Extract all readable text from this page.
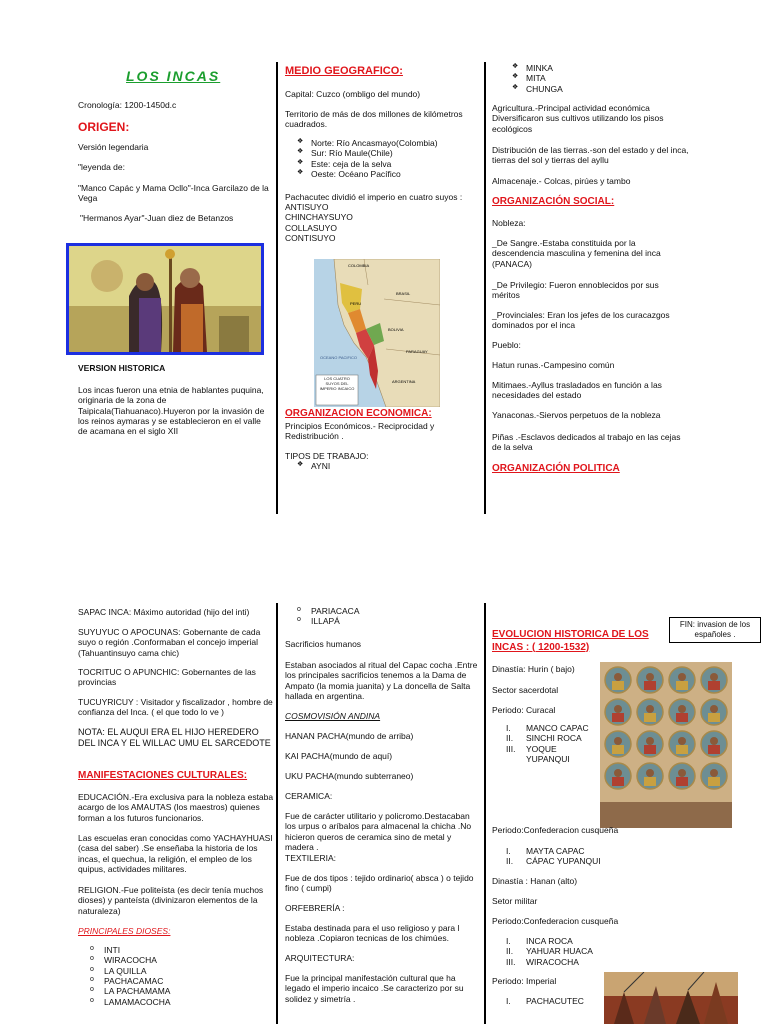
LOS INCAS

Cronología: 1200-1450d.c

ORIGEN:

Versión legendaria

"leyenda de:

"Manco Capác y Mama Ocllo"-Inca Garcilazo de la Vega

"Hermanos Ayar"-Juan diez de Betanzos

VERSION HISTORICA

Los incas fueron una etnia de hablantes puquina, originaria de la zona de Taipicala(Tiahuanaco).Huyeron por la invasión de los reinos aymaras y se establecieron en el valle de acamana en el siglo XII

MEDIO GEOGRAFICO:

Capital: Cuzco (ombligo del mundo)

Territorio de más de dos millones de kilómetros cuadrados.

❖ Norte: Río Ancasmayo(Colombia)
❖ Sur: Río Maule(Chile)
❖ Este: ceja de la selva
❖ Oeste: Océano Pacífico

Pachacutec dividió el imperio en cuatro suyos :

ANTISUYO

CHINCHAYSUYO

COLLASUYO

CONTISUYO

COLOMBIA
BRASIL
PERU
BOLIVIA
PARAGUAY
OCEANO PACIFICO
ARGENTINA
LOS CUATRO SUYOS DEL IMPERIO INCAICO

ORGANIZACION ECONOMICA:

Principios Económicos.- Reciprocidad y Redistribución .

TIPOS DE TRABAJO:

❖ AYNI
❖ MINKA
❖ MITA
❖ CHUNGA

Agricultura.-Principal actividad económica Diversificaron sus cultivos utilizando los pisos ecológicos

Distribución de las tierras.-son del estado y del inca, tierras del sol y tierras del ayllu

Almacenaje.- Colcas, pirúes y tambo

ORGANIZACIÓN SOCIAL:

Nobleza:

_De Sangre.-Estaba constituida por la descendencia masculina y femenina del inca (PANACA)

_De Privilegio: Fueron ennoblecidos por sus méritos

_Provinciales: Eran los jefes de los curacazgos dominados por el inca

Pueblo:

Hatun runas.-Campesino común

Mitimaes.-Ayllus trasladados en función a las necesidades del estado

Yanaconas.-Siervos perpetuos de la nobleza

Piñas .-Esclavos dedicados al trabajo en las cejas de la selva

ORGANIZACIÓN POLITICA

SAPAC INCA: Máximo autoridad (hijo del inti)

SUYUYUC O APOCUNAS: Gobernante de cada suyo o región .Conformaban el concejo imperial (Tahuantinsuyo cama chic)

TOCRITUC O APUNCHIC: Gobernantes de las provincias

TUCUYRICUY : Visitador y fiscalizador , hombre de confianza del Inca. ( el que todo lo ve )

NOTA: EL AUQUI ERA EL HIJO HEREDERO DEL INCA Y EL WILLAC UMU EL SARCEDOTE

MANIFESTACIONES CULTURALES:

EDUCACIÓN.-Era exclusiva para la nobleza estaba acargo de los AMAUTAS (los maestros) quienes forman a los futuros funcionarios.

Las escuelas eran conocidas como YACHAYHUASI (casa del saber) .Se enseñaba la historia de los incas, el quechua, la religión, el empleo de los quipus, actividades militares.

RELIGION.-Fue politeísta (es decir tenía muchos dioses) y panteísta (divinizaron elementos de la naturaleza)

PRINCIPALES DIOSES:

o INTI
o WIRACOCHA
o LA QUILLA
o PACHACAMAC
o LA PACHAMAMA
o LAMAMACOCHA
o PARIACACA
o ILLAPÁ

Sacrificios humanos

Estaban asociados al ritual del Capac cocha .Entre los principales sacrificios tenemos a la Dama de Ampato (la momia juanita) y La doncella de Salta hallada en argentina.

COSMOVISIÓN ANDINA

HANAN PACHA(mundo de arriba)

KAI PACHA(mundo de aquí)

UKU PACHA(mundo subterraneo)

CERAMICA:

Fue de carácter utilitario y policromo.Destacaban los urpus o aríbalos para almacenal la chicha .No hicieron queros de ceramica sino de metal y madera .

TEXTILERIA:

Fue de dos tipos : tejido ordinario( absca ) o tejido fino ( cumpi)

ORFEBRERÍA :

Estaba destinada para el uso religioso y para l nobleza .Copiaron tecnicas de los chimúes.

ARQUITECTURA:

Fue la principal manifestación cultural que ha legado el imperio incaico .Se caracterizo por su solidez y simetría .

FIN: invasion de los españoles .

EVOLUCION HISTORICA DE LOS INCAS : ( 1200-1532)

Dinastía: Hurin ( bajo)

Sector sacerdotal

Periodo: Curacal

I. MANCO CAPAC
II. SINCHI ROCA
III. YOQUE YUPANQUI

Periodo:Confederacion cusqueña

I. MAYTA CAPAC
II. CÁPAC YUPANQUI

Dinastía : Hanan (alto)

Setor militar

Periodo:Confederacion cusqueña

I. INCA ROCA
II. YAHUAR HUACA
III. WIRACOCHA

Periodo: Imperial

I. PACHACUTEC
